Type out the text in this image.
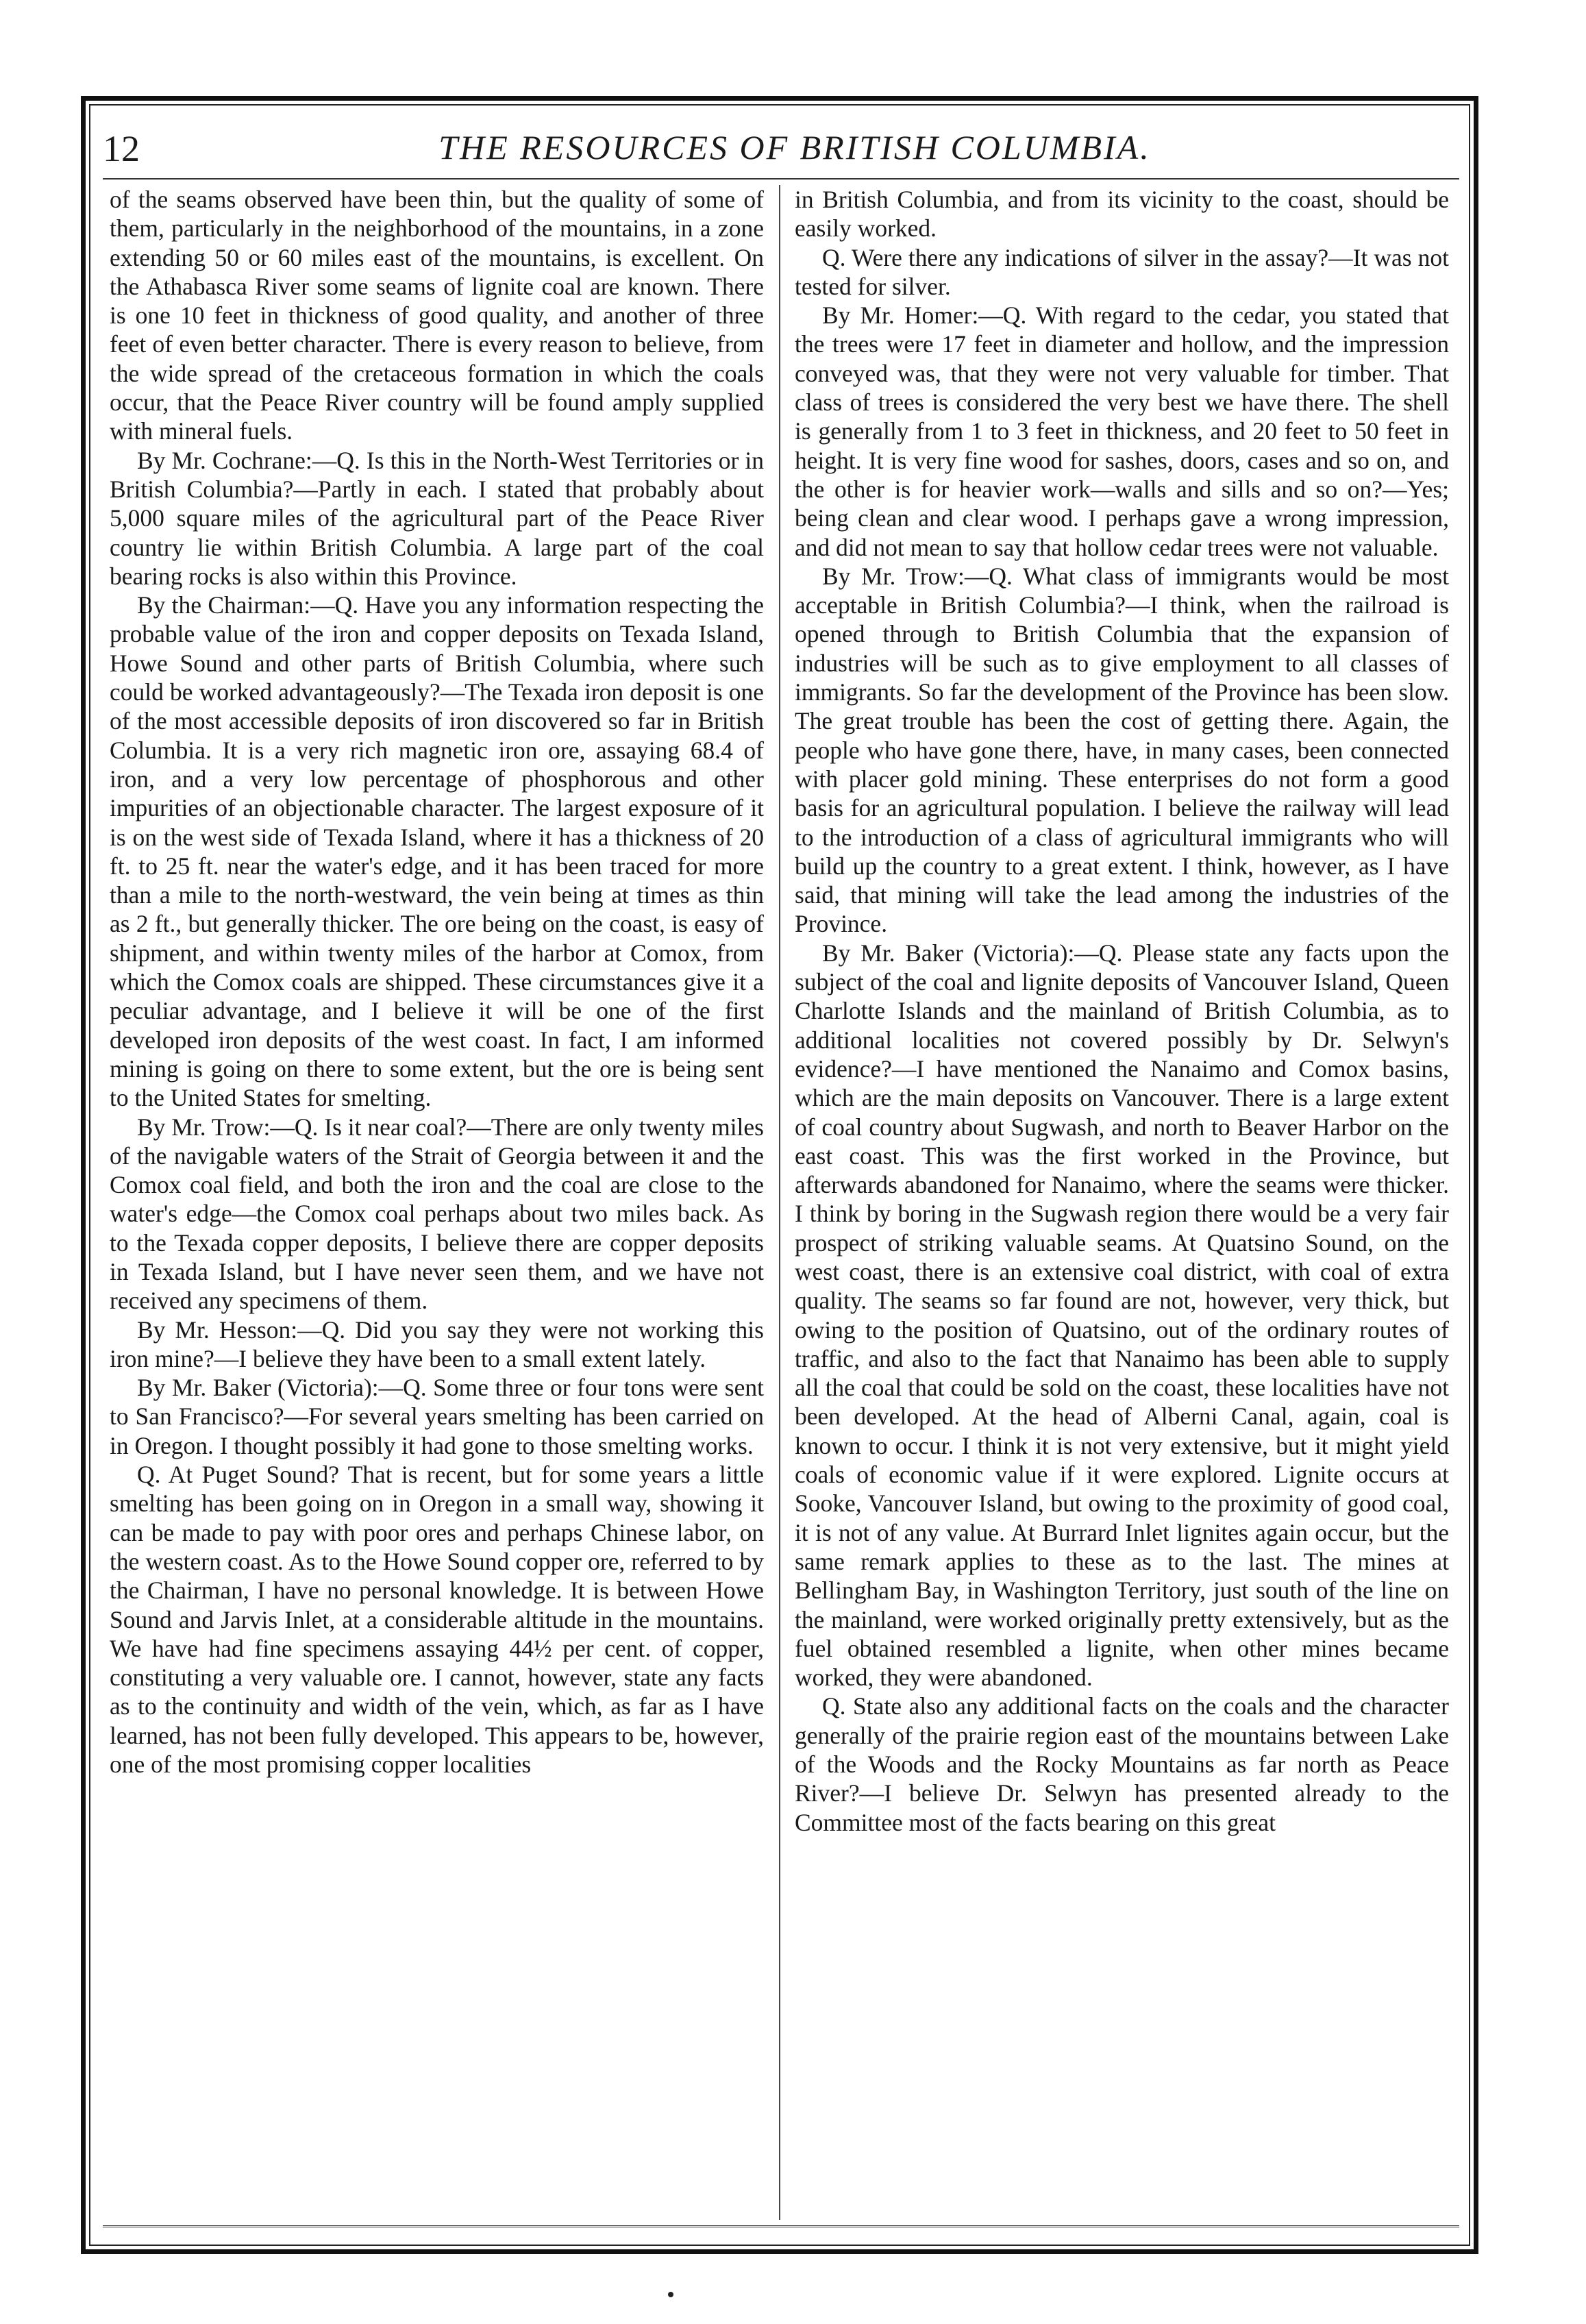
12	THE RESOURCES OF BRITISH COLUMBIA.

of the seams observed have been thin, but the quality of some of them, particularly in the neighborhood of the mountains, in a zone extending 50 or 60 miles east of the mountains, is excellent. On the Athabasca River some seams of lignite coal are known. There is one 10 feet in thickness of good quality, and another of three feet of even better character. There is every reason to believe, from the wide spread of the cretaceous formation in which the coals occur, that the Peace River country will be found amply supplied with mineral fuels.

By Mr. Cochrane:—Q. Is this in the North-West Territories or in British Columbia?—Partly in each. I stated that probably about 5,000 square miles of the agricultural part of the Peace River country lie within British Columbia. A large part of the coal bearing rocks is also within this Province.

By the Chairman:—Q. Have you any information respecting the probable value of the iron and copper deposits on Texada Island, Howe Sound and other parts of British Columbia, where such could be worked advantageously?—The Texada iron deposit is one of the most accessible deposits of iron discovered so far in British Columbia. It is a very rich magnetic iron ore, assaying 68.4 of iron, and a very low percentage of phosphorous and other impurities of an objectionable character. The largest exposure of it is on the west side of Texada Island, where it has a thickness of 20 ft. to 25 ft. near the water's edge, and it has been traced for more than a mile to the north-westward, the vein being at times as thin as 2 ft., but generally thicker. The ore being on the coast, is easy of shipment, and within twenty miles of the harbor at Comox, from which the Comox coals are shipped. These circumstances give it a peculiar advantage, and I believe it will be one of the first developed iron deposits of the west coast. In fact, I am informed mining is going on there to some extent, but the ore is being sent to the United States for smelting.

By Mr. Trow:—Q. Is it near coal?—There are only twenty miles of the navigable waters of the Strait of Georgia between it and the Comox coal field, and both the iron and the coal are close to the water's edge—the Comox coal perhaps about two miles back. As to the Texada copper deposits, I believe there are copper deposits in Texada Island, but I have never seen them, and we have not received any specimens of them.

By Mr. Hesson:—Q. Did you say they were not working this iron mine?—I believe they have been to a small extent lately.

By Mr. Baker (Victoria):—Q. Some three or four tons were sent to San Francisco?—For several years smelting has been carried on in Oregon. I thought possibly it had gone to those smelting works.

Q. At Puget Sound? That is recent, but for some years a little smelting has been going on in Oregon in a small way, showing it can be made to pay with poor ores and perhaps Chinese labor, on the western coast. As to the Howe Sound copper ore, referred to by the Chairman, I have no personal knowledge. It is between Howe Sound and Jarvis Inlet, at a considerable altitude in the mountains. We have had fine specimens assaying 44½ per cent. of copper, constituting a very valuable ore. I cannot, however, state any facts as to the continuity and width of the vein, which, as far as I have learned, has not been fully developed. This appears to be, however, one of the most promising copper localities

in British Columbia, and from its vicinity to the coast, should be easily worked.

Q. Were there any indications of silver in the assay?—It was not tested for silver.

By Mr. Homer:—Q. With regard to the cedar, you stated that the trees were 17 feet in diameter and hollow, and the impression conveyed was, that they were not very valuable for timber. That class of trees is considered the very best we have there. The shell is generally from 1 to 3 feet in thickness, and 20 feet to 50 feet in height. It is very fine wood for sashes, doors, cases and so on, and the other is for heavier work—walls and sills and so on?—Yes; being clean and clear wood. I perhaps gave a wrong impression, and did not mean to say that hollow cedar trees were not valuable.

By Mr. Trow:—Q. What class of immigrants would be most acceptable in British Columbia?—I think, when the railroad is opened through to British Columbia that the expansion of industries will be such as to give employment to all classes of immigrants. So far the development of the Province has been slow. The great trouble has been the cost of getting there. Again, the people who have gone there, have, in many cases, been connected with placer gold mining. These enterprises do not form a good basis for an agricultural population. I believe the railway will lead to the introduction of a class of agricultural immigrants who will build up the country to a great extent. I think, however, as I have said, that mining will take the lead among the industries of the Province.

By Mr. Baker (Victoria):—Q. Please state any facts upon the subject of the coal and lignite deposits of Vancouver Island, Queen Charlotte Islands and the mainland of British Columbia, as to additional localities not covered possibly by Dr. Selwyn's evidence?—I have mentioned the Nanaimo and Comox basins, which are the main deposits on Vancouver. There is a large extent of coal country about Sugwash, and north to Beaver Harbor on the east coast. This was the first worked in the Province, but afterwards abandoned for Nanaimo, where the seams were thicker. I think by boring in the Sugwash region there would be a very fair prospect of striking valuable seams. At Quatsino Sound, on the west coast, there is an extensive coal district, with coal of extra quality. The seams so far found are not, however, very thick, but owing to the position of Quatsino, out of the ordinary routes of traffic, and also to the fact that Nanaimo has been able to supply all the coal that could be sold on the coast, these localities have not been developed. At the head of Alberni Canal, again, coal is known to occur. I think it is not very extensive, but it might yield coals of economic value if it were explored. Lignite occurs at Sooke, Vancouver Island, but owing to the proximity of good coal, it is not of any value. At Burrard Inlet lignites again occur, but the same remark applies to these as to the last. The mines at Bellingham Bay, in Washington Territory, just south of the line on the mainland, were worked originally pretty extensively, but as the fuel obtained resembled a lignite, when other mines became worked, they were abandoned.

Q. State also any additional facts on the coals and the character generally of the prairie region east of the mountains between Lake of the Woods and the Rocky Mountains as far north as Peace River?—I believe Dr. Selwyn has presented already to the Committee most of the facts bearing on this great
